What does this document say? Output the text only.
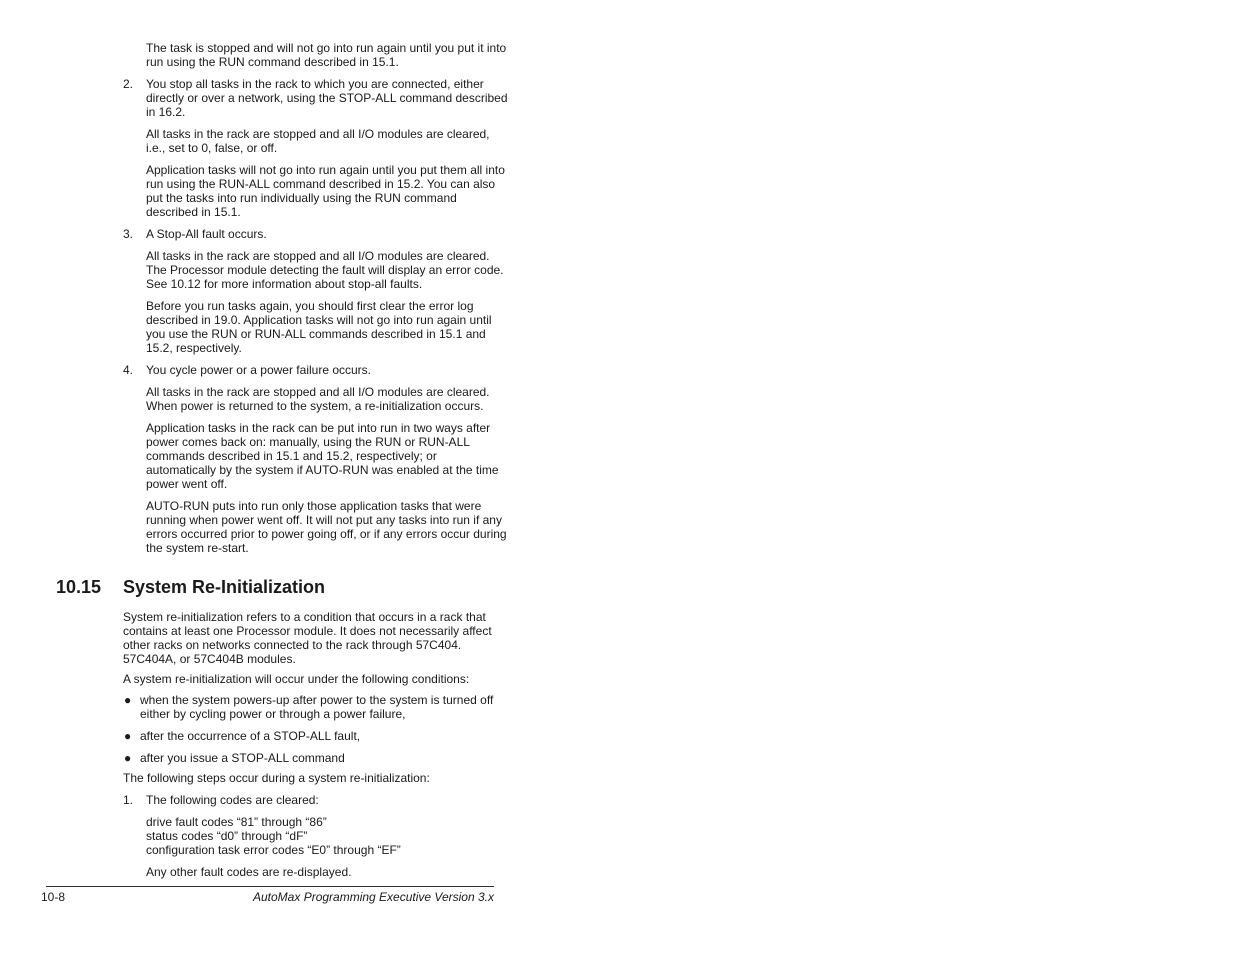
The task is stopped and will not go into run again until you put it into run using the RUN command described in 15.1.

2. You stop all tasks in the rack to which you are connected, either directly or over a network, using the STOP-ALL command described in 16.2.

All tasks in the rack are stopped and all I/O modules are cleared, i.e., set to 0, false, or off.

Application tasks will not go into run again until you put them all into run using the RUN-ALL command described in 15.2. You can also put the tasks into run individually using the RUN command described in 15.1.

3. A Stop-All fault occurs.

All tasks in the rack are stopped and all I/O modules are cleared. The Processor module detecting the fault will display an error code. See 10.12 for more information about stop-all faults.

Before you run tasks again, you should first clear the error log described in 19.0. Application tasks will not go into run again until you use the RUN or RUN-ALL commands described in 15.1 and 15.2, respectively.

4. You cycle power or a power failure occurs.

All tasks in the rack are stopped and all I/O modules are cleared. When power is returned to the system, a re-initialization occurs.

Application tasks in the rack can be put into run in two ways after power comes back on: manually, using the RUN or RUN-ALL commands described in 15.1 and 15.2, respectively; or automatically by the system if AUTO-RUN was enabled at the time power went off.

AUTO-RUN puts into run only those application tasks that were running when power went off. It will not put any tasks into run if any errors occurred prior to power going off, or if any errors occur during the system re-start.

10.15 System Re-Initialization

System re-initialization refers to a condition that occurs in a rack that contains at least one Processor module. It does not necessarily affect other racks on networks connected to the rack through 57C404. 57C404A, or 57C404B modules.

A system re-initialization will occur under the following conditions:

● when the system powers-up after power to the system is turned off either by cycling power or through a power failure,

● after the occurrence of a STOP-ALL fault,

● after you issue a STOP-ALL command

The following steps occur during a system re-initialization:

1. The following codes are cleared:

drive fault codes “81” through “86”

status codes “d0” through “dF”

configuration task error codes “E0” through “EF”

Any other fault codes are re-displayed.

10-8	AutoMax Programming Executive Version 3.x
